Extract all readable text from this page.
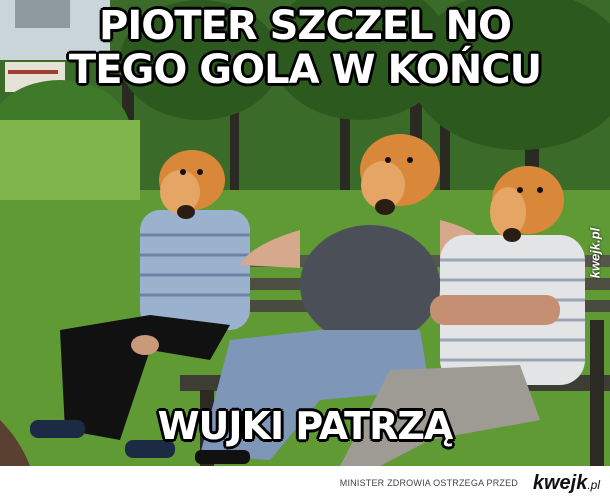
PIOTER SZCZEL NO
TEGO GOLA W KOŃCU
WUJKI PATRZĄ
kwejk.pl
MINISTER ZDROWIA OSTRZEGA PRZED kwejk.pl
